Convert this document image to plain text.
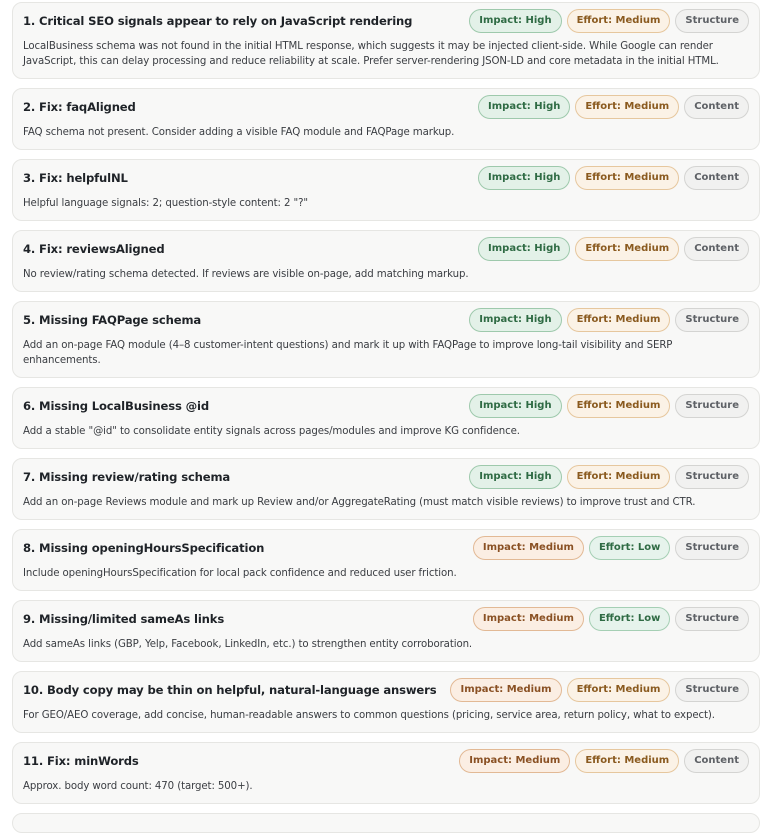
1. Critical SEO signals appear to rely on JavaScript rendering	Impact: High	Effort: Medium	Structure
LocalBusiness schema was not found in the initial HTML response, which suggests it may be injected client-side. While Google can render JavaScript, this can delay processing and reduce reliability at scale. Prefer server-rendering JSON-LD and core metadata in the initial HTML.
2. Fix: faqAligned	Impact: High	Effort: Medium	Content
FAQ schema not present. Consider adding a visible FAQ module and FAQPage markup.
3. Fix: helpfulNL	Impact: High	Effort: Medium	Content
Helpful language signals: 2; question-style content: 2 "?"
4. Fix: reviewsAligned	Impact: High	Effort: Medium	Content
No review/rating schema detected. If reviews are visible on-page, add matching markup.
5. Missing FAQPage schema	Impact: High	Effort: Medium	Structure
Add an on-page FAQ module (4–8 customer-intent questions) and mark it up with FAQPage to improve long-tail visibility and SERP enhancements.
6. Missing LocalBusiness @id	Impact: High	Effort: Medium	Structure
Add a stable "@id" to consolidate entity signals across pages/modules and improve KG confidence.
7. Missing review/rating schema	Impact: High	Effort: Medium	Structure
Add an on-page Reviews module and mark up Review and/or AggregateRating (must match visible reviews) to improve trust and CTR.
8. Missing openingHoursSpecification	Impact: Medium	Effort: Low	Structure
Include openingHoursSpecification for local pack confidence and reduced user friction.
9. Missing/limited sameAs links	Impact: Medium	Effort: Low	Structure
Add sameAs links (GBP, Yelp, Facebook, LinkedIn, etc.) to strengthen entity corroboration.
10. Body copy may be thin on helpful, natural-language answers	Impact: Medium	Effort: Medium	Structure
For GEO/AEO coverage, add concise, human-readable answers to common questions (pricing, service area, return policy, what to expect).
11. Fix: minWords	Impact: Medium	Effort: Medium	Content
Approx. body word count: 470 (target: 500+).
